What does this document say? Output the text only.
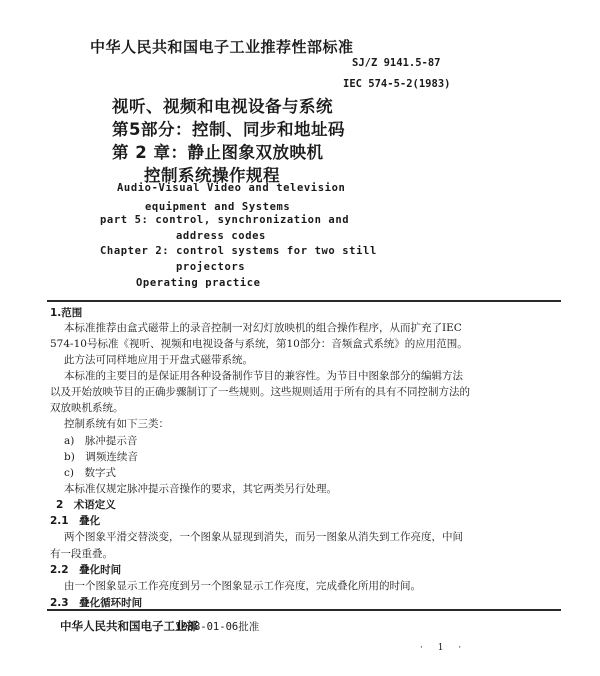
中华人民共和国电子工业推荐性部标准
SJ/Z 9141.5-87
IEC 574-5-2(1983)
视听、视频和电视设备与系统
第5部分：控制、同步和地址码
第 2 章：静止图象双放映机
控制系统操作规程
Audio-Visual Video and television
equipment and Systems
part 5: control, synchronization and
address codes
Chapter 2: control systems for two still
projectors
Operating practice
1.范围
本标准推荐由盒式磁带上的录音控制一对幻灯放映机的组合操作程序，从而扩充了IEC
574-10号标准《视听、视频和电视设备与系统，第10部分：音频盒式系统》的应用范围。
此方法可同样地应用于开盘式磁带系统。
本标准的主要目的是保证用各种设备制作节目的兼容性。为节目中图象部分的编辑方法
以及开始放映节目的正确步骤制订了一些规则。这些规则适用于所有的具有不同控制方法的
双放映机系统。
控制系统有如下三类：
a)　脉冲提示音
b)　调频连续音
c)　数字式
本标准仅规定脉冲提示音操作的要求，其它两类另行处理。
2　术语定义
2.1　叠化
两个图象平滑交替淡变，一个图象从显现到消失，而另一图象从消失到工作亮度，中间
有一段重叠。
中华人民共和国电子工业部
1988-01-06批准
· 1 ·
2.2　叠化时间
由一个图象显示工作亮度到另一个图象显示工作亮度，完成叠化所用的时间。
2.3　叠化循环时间
